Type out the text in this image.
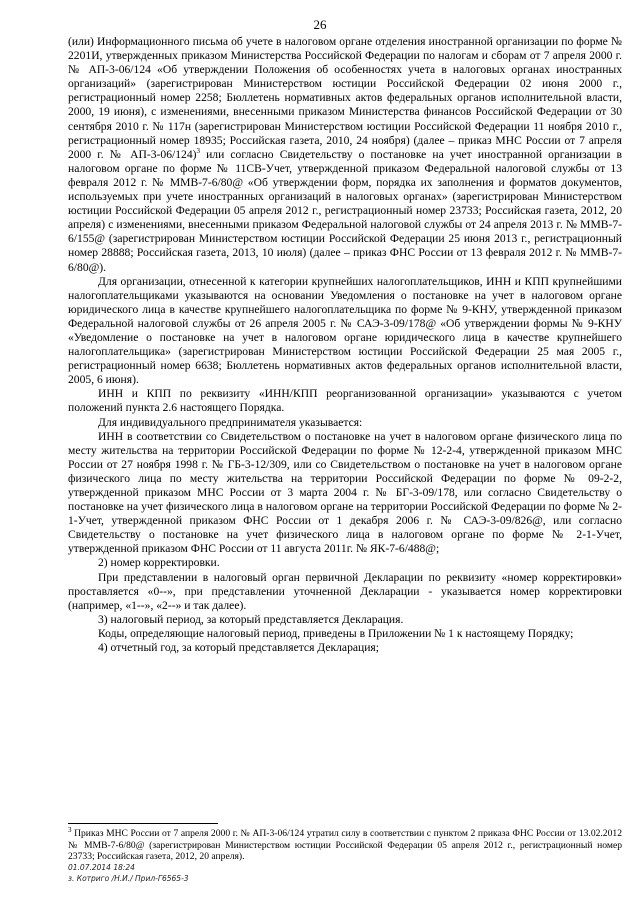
26

(или) Информационного письма об учете в налоговом органе отделения иностранной организации по форме № 2201И, утвержденных приказом Министерства Российской Федерации по налогам и сборам от 7 апреля 2000 г. № АП-3-06/124 «Об утверждении Положения об особенностях учета в налоговых органах иностранных организаций» (зарегистрирован Министерством юстиции Российской Федерации 02 июня 2000 г., регистрационный номер 2258; Бюллетень нормативных актов федеральных органов исполнительной власти, 2000, 19 июня), с изменениями, внесенными приказом Министерства финансов Российской Федерации от 30 сентября 2010 г. № 117н (зарегистрирован Министерством юстиции Российской Федерации 11 ноября 2010 г., регистрационный номер 18935; Российская газета, 2010, 24 ноября) (далее – приказ МНС России от 7 апреля 2000 г. № АП-3-06/124)$^3$ или согласно Свидетельству о постановке на учет иностранной организации в налоговом органе по форме № 11СВ-Учет, утвержденной приказом Федеральной налоговой службы от 13 февраля 2012 г. № ММВ-7-6/80@ «Об утверждении форм, порядка их заполнения и форматов документов, используемых при учете иностранных организаций в налоговых органах» (зарегистрирован Министерством юстиции Российской Федерации 05 апреля 2012 г., регистрационный номер 23733; Российская газета, 2012, 20 апреля) с изменениями, внесенными приказом Федеральной налоговой службы от 24 апреля 2013 г. № ММВ-7-6/155@ (зарегистрирован Министерством юстиции Российской Федерации 25 июня 2013 г., регистрационный номер 28888; Российская газета, 2013, 10 июля) (далее – приказ ФНС России от 13 февраля 2012 г. № ММВ-7-6/80@).

Для организации, отнесенной к категории крупнейших налогоплательщиков, ИНН и КПП крупнейшими налогоплательщиками указываются на основании Уведомления о постановке на учет в налоговом органе юридического лица в качестве крупнейшего налогоплательщика по форме № 9-КНУ, утвержденной приказом Федеральной налоговой службы от 26 апреля 2005 г. № САЭ-3-09/178@ «Об утверждении формы № 9-КНУ «Уведомление о постановке на учет в налоговом органе юридического лица в качестве крупнейшего налогоплательщика» (зарегистрирован Министерством юстиции Российской Федерации 25 мая 2005 г., регистрационный номер 6638; Бюллетень нормативных актов федеральных органов исполнительной власти, 2005, 6 июня).

ИНН и КПП по реквизиту «ИНН/КПП реорганизованной организации» указываются с учетом положений пункта 2.6 настоящего Порядка.

Для индивидуального предпринимателя указывается:

ИНН в соответствии со Свидетельством о постановке на учет в налоговом органе физического лица по месту жительства на территории Российской Федерации по форме № 12-2-4, утвержденной приказом МНС России от 27 ноября 1998 г. № ГБ-3-12/309, или со Свидетельством о постановке на учет в налоговом органе физического лица по месту жительства на территории Российской Федерации по форме № 09-2-2, утвержденной приказом МНС России от 3 марта 2004 г. № БГ-3-09/178, или согласно Свидетельству о постановке на учет физического лица в налоговом органе на территории Российской Федерации по форме № 2-1-Учет, утвержденной приказом ФНС России от 1 декабря 2006 г. № САЭ-3-09/826@, или согласно Свидетельству о постановке на учет физического лица в налоговом органе по форме № 2-1-Учет, утвержденной приказом ФНС России от 11 августа 2011г. № ЯК-7-6/488@;

2) номер корректировки.

При представлении в налоговый орган первичной Декларации по реквизиту «номер корректировки» проставляется «0--», при представлении уточненной Декларации - указывается номер корректировки (например, «1--», «2--» и так далее).

3) налоговый период, за который представляется Декларация.

Коды, определяющие налоговый период, приведены в Приложении № 1 к настоящему Порядку;

4) отчетный год, за который представляется Декларация;

$^3$ Приказ МНС России от 7 апреля 2000 г. № АП-3-06/124 утратил силу в соответствии с пунктом 2 приказа ФНС России от 13.02.2012 № ММВ-7-6/80@ (зарегистрирован Министерством юстиции Российской Федерации 05 апреля 2012 г., регистрационный номер 23733; Российская газета, 2012, 20 апреля).
01.07.2014 18:24
з. Котриго /Н.И./ Прил-Г6565-3
